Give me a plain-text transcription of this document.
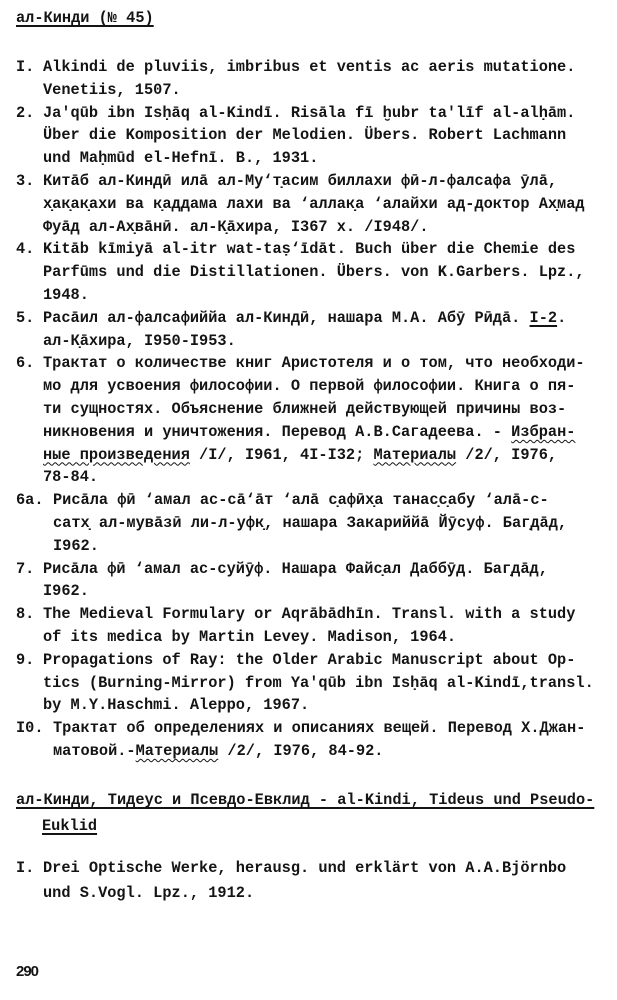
ал-Кинди (№ 45)
I. Alkindi de pluviis, imbribus et ventis ac aeris mutatione.
Venetiis, 1507.
2. Ja'qūb ibn Isḥāq al-Kindī. Risāla fī ḫubr ta'līf al-alḥām.
Über die Komposition der Melodien. Übers. Robert Lachmann
und Maḥmūd el-Hefnī. B., 1931.
3. Китāб ал-Киндӣ илā ал-Му‘т̣асим биллахи фӣ-л-фалсафа ӯлā,
х̣ак̣ак̣ахи ва к̣аддама лахи ва ‘аллак̣а ‘алайхи ад-доктор Ах̣мад
Фуāд ал-Ах̣вāнӣ. ал-К̣āхира, I367 х. /I948/.
4. Kitāb kīmiyā al-itr wat-taṣ‘īdāt. Buch über die Chemie des
Parfūms und die Distillationen. Übers. von K.Garbers. Lpz.,
1948.
5. Расāил ал-фалсафиййа ал-Киндӣ, нашара М.А. Абӯ Рӣдā. I-2.
ал-К̣āхира, I950-I953.
6. Трактат о количестве книг Аристотеля и о том, что необходи-
мо для усвоения философии. О первой философии. Книга о пя-
ти сущностях. Объяснение ближней действующей причины воз-
никновения и уничтожения. Перевод А.В.Сагадеева. - Избран-
ные произведения /I/, I961, 4I-I32; Материалы /2/, I976,
78-84.
6a. Рисāла фӣ ‘амал ас-сā‘āт ‘алā с̣афӣх̣а танас̣с̣абу ‘алā-с-
сатх̣ ал-мувāзӣ ли-л-уфк̣, нашара Закариййā Йӯсуф. Баг̣дāд,
I962.
7. Рисāла фӣ ‘амал ас-суйӯф. Нашара Файс̣ал Даббӯд. Баг̣дāд,
I962.
8. The Medieval Formulary or Aqrābādhīn. Transl. with a study
of its medica by Martin Levey. Madison, 1964.
9. Propagations of Ray: the Older Arabic Manuscript about Op-
tics (Burning-Mirror) from Ya'qūb ibn Isḥāq al-Kindī,transl.
by M.Y.Haschmi. Aleppo, 1967.
I0. Трактат об определениях и описаниях вещей. Перевод Х.Джан-
матовой.-Материалы /2/, I976, 84-92.
ал-Кинди, Тидеус и Псевдо-Евклид - al-Kindi, Tideus und Pseudo-
Euklid
I. Drei Optische Werke, herausg. und erklärt von A.A.Björnbo
und S.Vogl. Lpz., 1912.
290
